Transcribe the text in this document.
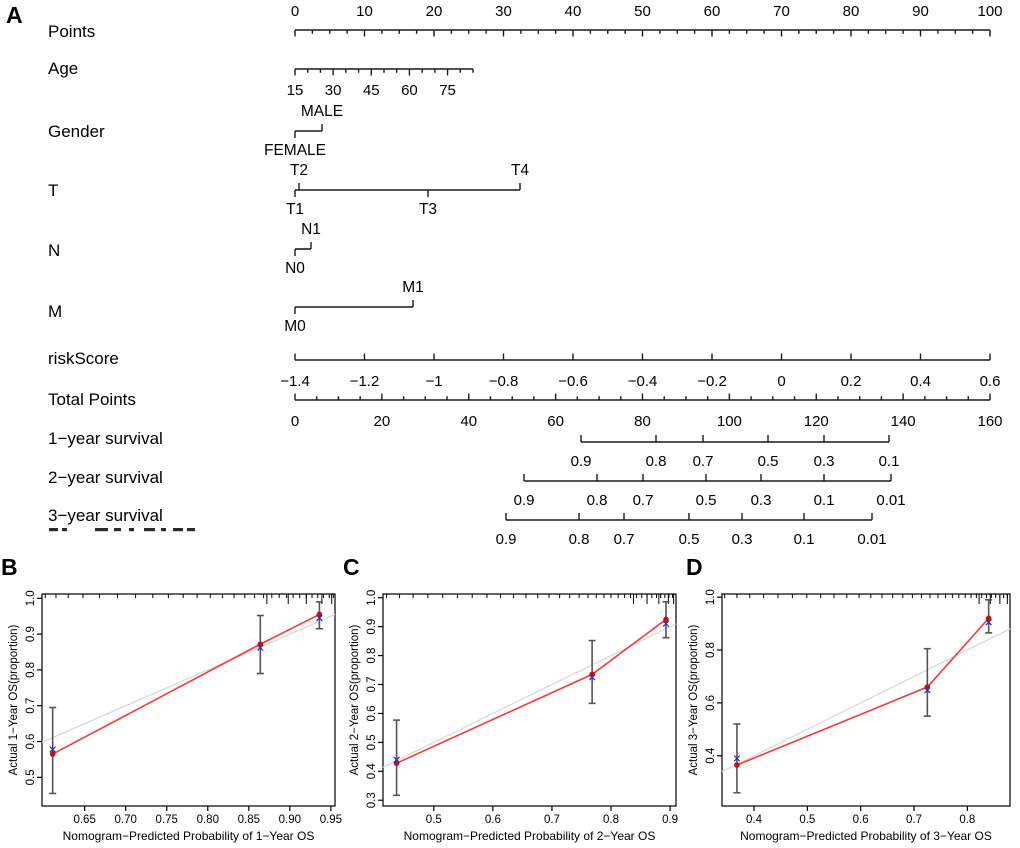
A
B	C	D
Points
0	10	20	30	40	50	60	70	80	90	100
Age
15 30 45 60 75
Gender
FEMALE
MALE
T
T1
T2
T3
T4
N
N0
N1
M
M0
M1
riskScore
−1.4	−1.2	−1	−0.8	−0.6	−0.4	−0.2	0	0.2	0.4	0.6
Total Points
0	20	40	60	80	100	120	140	160
1−year survival
0.9	0.8 0.7	0.5 0.3	0.1
2−year survival
0.9	0.8 0.7	0.5 0.3	0.1	0.01
3−year survival
0.9	0.8 0.7	0.5 0.3	0.1	0.01
0.65 0.70 0.75 0.80 0.85 0.90 0.95
0.5
0.6
0.7
0.8
0.9
1.0
Nomogram−Predicted Probability of 1−Year OS
Actual 1−Year OS(proportion)
0.5	0.6	0.7	0.8	0.9
0.3
0.4
0.5
0.6
0.7
0.8
0.9
1.0
Nomogram−Predicted Probability of 2−Year OS
Actual 2−Year OS(proportion)
0.4	0.5	0.6	0.7	0.8
0.4
0.6
0.8
1.0
Nomogram−Predicted Probability of 3−Year OS
Actual 3−Year OS(proportion)
